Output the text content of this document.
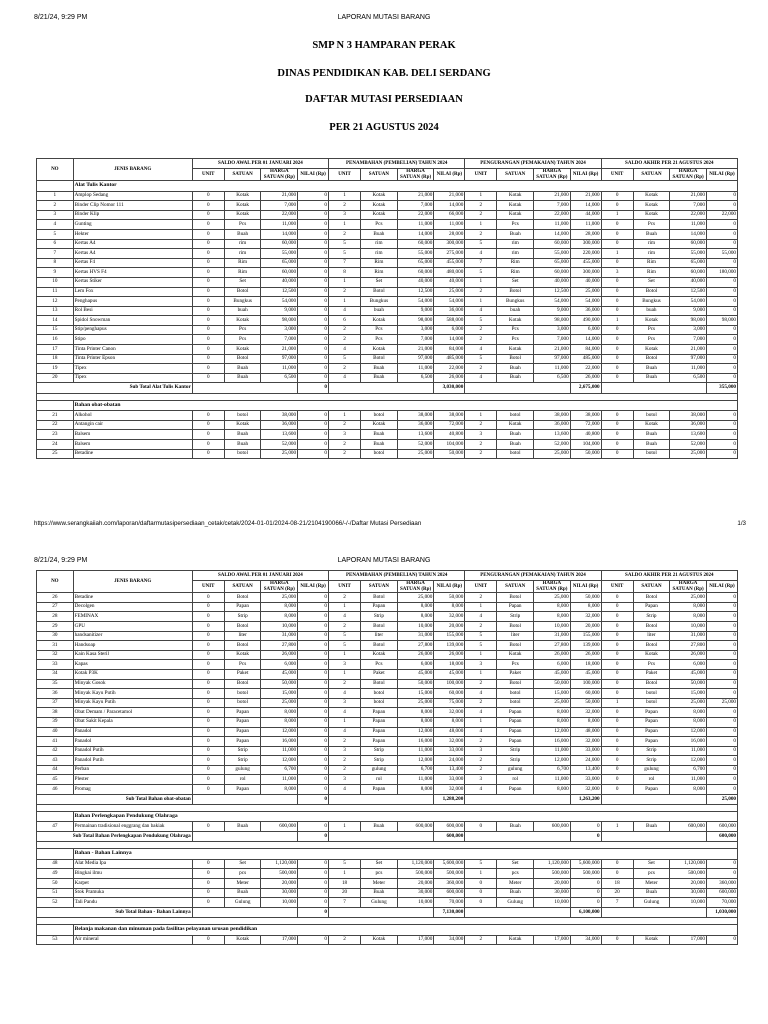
8/21/24, 9:29 PM	LAPORAN MUTASI BARANG
SMP N 3 HAMPARAN PERAK
DINAS PENDIDIKAN KAB. DELI SERDANG
DAFTAR MUTASI PERSEDIAAN
PER 21 AGUSTUS 2024
NO	JENIS BARANG	SALDO AWAL PER 01 JANUARI 2024				PENAMBAHAN (PEMBELIAN) TAHUN 2024				PENGURANGAN (PEMAKAIAN) TAHUN 2024				SALDO AKHIR PER 21 AGUSTUS 2024			
		UNIT	SATUAN	HARGA SATUAN (Rp)	NILAI (Rp)	UNIT	SATUAN	HARGA SATUAN (Rp)	NILAI (Rp)	UNIT	SATUAN	HARGA SATUAN (Rp)	NILAI (Rp)	UNIT	SATUAN	HARGA SATUAN (Rp)	NILAI (Rp)
	Alat Tulis Kantor																
1	Amplop Sedang	0	Kotak	21,000	0	1	Kotak	21,000	21,000	1	Kotak	21,000	21,000	0	Kotak	21,000	0
2	Binder Clip Nomor 111	0	Kotak	7,000	0	2	Kotak	7,000	14,000	2	Kotak	7,000	14,000	0	Kotak	7,000	0
3	Binder Klip	0	Kotak	22,000	0	3	Kotak	22,000	66,000	2	Kotak	22,000	44,000	1	Kotak	22,000	22,000
4	Gunting	0	Pcs	11,000	0	1	Pcs	11,000	11,000	1	Pcs	11,000	11,000	0	Pcs	11,000	0
5	Hekter	0	Buah	14,000	0	2	Buah	14,000	28,000	2	Buah	14,000	28,000	0	Buah	14,000	0
6	Kertas A4	0	rim	60,000	0	5	rim	60,000	300,000	5	rim	60,000	300,000	0	rim	60,000	0
7	Kertas A4	0	rim	55,000	0	5	rim	55,000	275,000	4	rim	55,000	220,000	1	rim	55,000	55,000
8	Kertas F4	0	Rim	65,000	0	7	Rim	65,000	455,000	7	Rim	65,000	455,000	0	Rim	65,000	0
9	Kertas HVS F4	0	Rim	60,000	0	8	Rim	60,000	480,000	5	Rim	60,000	300,000	3	Rim	60,000	180,000
10	Kertas Stiker	0	Set	40,000	0	1	Set	40,000	40,000	1	Set	40,000	40,000	0	Set	40,000	0
11	Lem Fox	0	Botol	12,500	0	2	Botol	12,500	25,000	2	Botol	12,500	25,000	0	Botol	12,500	0
12	Penghapus	0	Bungkus	54,000	0	1	Bungkus	54,000	54,000	1	Bungkus	54,000	54,000	0	Bungkus	54,000	0
13	Rol Besi	0	buah	9,000	0	4	buah	9,000	36,000	4	buah	9,000	36,000	0	buah	9,000	0
14	Spidol Snowman	0	Kotak	98,000	0	6	Kotak	98,000	588,000	5	Kotak	98,000	490,000	1	Kotak	98,000	98,000
15	Stip/penghapus	0	Pcs	3,000	0	2	Pcs	3,000	6,000	2	Pcs	3,000	6,000	0	Pcs	3,000	0
16	Stipo	0	Pcs	7,000	0	2	Pcs	7,000	14,000	2	Pcs	7,000	14,000	0	Pcs	7,000	0
17	Tinta Printer Canon	0	Kotak	21,000	0	4	Kotak	21,000	84,000	4	Kotak	21,000	84,000	0	Kotak	21,000	0
18	Tinta Printer Epson	0	Botol	97,000	0	5	Botol	97,000	485,000	5	Botol	97,000	485,000	0	Botol	97,000	0
19	Tipex	0	Buah	11,000	0	2	Buah	11,000	22,000	2	Buah	11,000	22,000	0	Buah	11,000	0
20	Tipex	0	Buah	6,500	0	4	Buah	6,500	26,000	4	Buah	6,500	26,000	0	Buah	6,500	0
Sub Total Alat Tulis Kantor					0				3,030,000				2,675,000				355,000

	Bahan obat-obatan																
21	Alkohol	0	botol	38,000	0	1	botol	38,000	38,000	1	botol	38,000	38,000	0	botol	38,000	0
22	Antangin cair	0	Kotak	36,000	0	2	Kotak	36,000	72,000	2	Kotak	36,000	72,000	0	Kotak	36,000	0
23	Balsem	0	Buah	13,600	0	3	Buah	13,600	40,800	3	Buah	13,600	40,800	0	Buah	13,600	0
24	Balsem	0	Buah	52,000	0	2	Buah	52,000	104,000	2	Buah	52,000	104,000	0	Buah	52,000	0
25	Betadine	0	botol	25,000	0	2	botol	25,000	50,000	2	botol	25,000	50,000	0	botol	25,000	0
https://www.serangkaiiah.com/laporan/daftarmutasipersediaan_cetak/cetak/2024-01-01/2024-08-21/2104190066/-/-/Daftar Mutasi Persediaan	1/3
8/21/24, 9:29 PM	LAPORAN MUTASI BARANG
NO	JENIS BARANG	SALDO AWAL PER 01 JANUARI 2024				PENAMBAHAN (PEMBELIAN) TAHUN 2024				PENGURANGAN (PEMAKAIAN) TAHUN 2024				SALDO AKHIR PER 21 AGUSTUS 2024			
		UNIT	SATUAN	HARGA SATUAN (Rp)	NILAI (Rp)	UNIT	SATUAN	HARGA SATUAN (Rp)	NILAI (Rp)	UNIT	SATUAN	HARGA SATUAN (Rp)	NILAI (Rp)	UNIT	SATUAN	HARGA SATUAN (Rp)	NILAI (Rp)
26	Betadine	0	Botol	25,000	0	2	Botol	25,000	50,000	2	Botol	25,000	50,000	0	Botol	25,000	0
27	Decolgen	0	Papan	8,000	0	1	Papan	8,000	8,000	1	Papan	8,000	8,000	0	Papan	8,000	0
28	FEMINAX	0	Strip	8,000	0	4	Strip	8,000	32,000	4	Strip	8,000	32,000	0	Strip	8,000	0
29	GPU	0	Botol	10,000	0	2	Botol	10,000	20,000	2	Botol	10,000	20,000	0	Botol	10,000	0
30	handsanitizer	0	liter	31,000	0	5	liter	31,000	155,000	5	liter	31,000	155,000	0	liter	31,000	0
31	Handsoap	0	Botol	27,800	0	5	Botol	27,800	139,000	5	Botol	27,800	139,000	0	Botol	27,800	0
32	Kain Kasa Steril	0	Kotak	26,000	0	1	Kotak	26,000	26,000	1	Kotak	26,000	26,000	0	Kotak	26,000	0
33	Kapas	0	Pcs	6,000	0	3	Pcs	6,000	18,000	3	Pcs	6,000	18,000	0	Pcs	6,000	0
34	Kotak P3K	0	Paket	45,000	0	1	Paket	45,000	45,000	1	Paket	45,000	45,000	0	Paket	45,000	0
35	Minyak Gosok	0	Botol	50,000	0	2	Botol	50,000	100,000	2	Botol	50,000	100,000	0	Botol	50,000	0
36	Minyak Kayu Putih	0	botol	15,000	0	4	botol	15,000	60,000	4	botol	15,000	60,000	0	botol	15,000	0
37	Minyak Kayu Putih	0	botol	25,000	0	3	botol	25,000	75,000	2	botol	25,000	50,000	1	botol	25,000	25,000
38	Obat Demam / Paracetamol	0	Papan	8,000	0	4	Papan	8,000	32,000	4	Papan	8,000	32,000	0	Papan	8,000	0
39	Obat Sakit Kepala	0	Papan	8,000	0	1	Papan	8,000	8,000	1	Papan	8,000	8,000	0	Papan	8,000	0
40	Panadol	0	Papan	12,000	0	4	Papan	12,000	48,000	4	Papan	12,000	48,000	0	Papan	12,000	0
41	Panadol	0	Papan	16,000	0	2	Papan	16,000	32,000	2	Papan	16,000	32,000	0	Papan	16,000	0
42	Panadol Putih	0	Strip	11,000	0	3	Strip	11,000	33,000	3	Strip	11,000	33,000	0	Strip	11,000	0
43	Panadol Putih	0	Strip	12,000	0	2	Strip	12,000	24,000	2	Strip	12,000	24,000	0	Strip	12,000	0
44	Perban	0	gulung	6,700	0	2	gulung	6,700	13,400	2	gulung	6,700	13,400	0	gulung	6,700	0
45	Plester	0	rol	11,000	0	3	rol	11,000	33,000	3	rol	11,000	33,000	0	rol	11,000	0
46	Promag	0	Papan	8,000	0	4	Papan	8,000	32,000	4	Papan	8,000	32,000	0	Papan	8,000	0
Sub Total Bahan obat-obatan					0				1,288,200				1,263,200				25,000

	Bahan Perlengkapan Pendukung Olahraga																
47	Permainan tradisional enggrang dan bakiak	0	Buah	600,000	0	1	Buah	600,000	600,000	0	Buah	600,000	0	1	Buah	600,000	600,000
Sub Total Bahan Perlengkapan Pendukung Olahraga					0				600,000				0				600,000

	Bahan - Bahan Lainnya																
48	Alat Media Ipa	0	Set	1,120,000	0	5	Set	1,120,000	5,600,000	5	Set	1,120,000	5,600,000	0	Set	1,120,000	0
49	Bingkai ilmu	0	pcs	500,000	0	1	pcs	500,000	500,000	1	pcs	500,000	500,000	0	pcs	500,000	0
50	Karpet	0	Meter	20,000	0	18	Meter	20,000	360,000	0	Meter	20,000	0	18	Meter	20,000	360,000
51	Stok Pramuka	0	Buah	30,000	0	20	Buah	30,000	600,000	0	Buah	30,000	0	20	Buah	30,000	600,000
52	Tali Pandu	0	Gulung	10,000	0	7	Gulung	10,000	70,000	0	Gulung	10,000	0	7	Gulung	10,000	70,000
Sub Total Bahan - Bahan Lainnya					0				7,130,000				6,100,000				1,030,000

	Belanja makanan dan minuman pada fasilitas pelayanan urusan pendidikan																
53	Air mineral	0	Kotak	17,000	0	2	Kotak	17,000	34,000	2	Kotak	17,000	34,000	0	Kotak	17,000	0
